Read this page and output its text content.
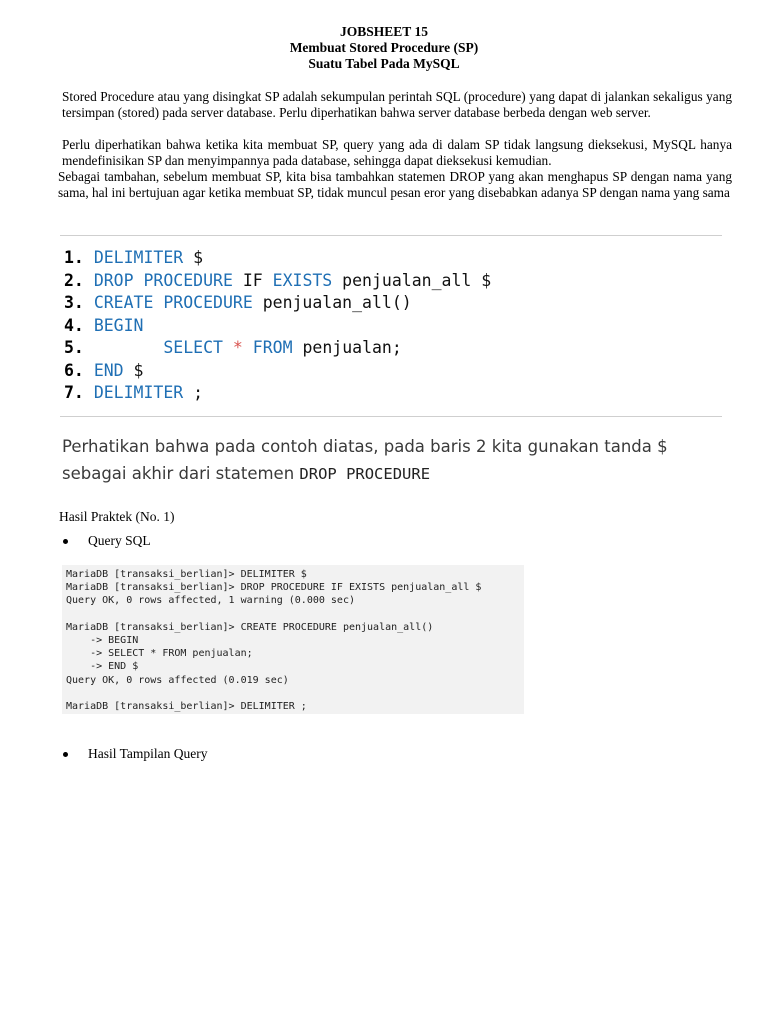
JOBSHEET 15
Membuat Stored Procedure (SP)
Suatu Tabel Pada MySQL
Stored Procedure atau yang disingkat SP adalah sekumpulan perintah SQL (procedure) yang dapat di jalankan sekaligus yang tersimpan (stored) pada server database. Perlu diperhatikan bahwa server database berbeda dengan web server.
Perlu diperhatikan bahwa ketika kita membuat SP, query yang ada di dalam SP tidak langsung dieksekusi, MySQL hanya mendefinisikan SP dan menyimpannya pada database, sehingga dapat dieksekusi kemudian.
Sebagai tambahan, sebelum membuat SP, kita bisa tambahkan statemen DROP yang akan menghapus SP dengan nama yang sama, hal ini bertujuan agar ketika membuat SP, tidak muncul pesan eror yang disebabkan adanya SP dengan nama yang sama
1. DELIMITER $
2. DROP PROCEDURE IF EXISTS penjualan_all $
3. CREATE PROCEDURE penjualan_all()
4. BEGIN
5.	SELECT * FROM penjualan;
6. END $
7. DELIMITER ;
Perhatikan bahwa pada contoh diatas, pada baris 2 kita gunakan tanda $ sebagai akhir dari statemen DROP PROCEDURE
Hasil Praktek (No. 1)
Query SQL
MariaDB [transaksi_berlian]> DELIMITER $
MariaDB [transaksi_berlian]> DROP PROCEDURE IF EXISTS penjualan_all $
Query OK, 0 rows affected, 1 warning (0.000 sec)
MariaDB [transaksi_berlian]> CREATE PROCEDURE penjualan_all()
-> BEGIN
-> SELECT * FROM penjualan;
-> END $
Query OK, 0 rows affected (0.019 sec)
MariaDB [transaksi_berlian]> DELIMITER ;
Hasil Tampilan Query
